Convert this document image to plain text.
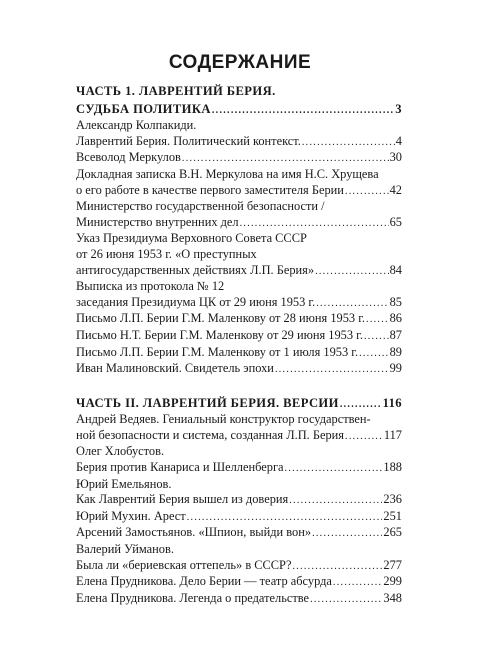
СОДЕРЖАНИЕ
ЧАСТЬ 1. ЛАВРЕНТИЙ БЕРИЯ.
СУДЬБА ПОЛИТИКА . . .	3
Александр Колпакиди.
Лаврентий Берия. Политический контекст. . . .	4
Всеволод Меркулов . . .	30
Докладная записка В.Н. Меркулова на имя Н.С. Хрущева
о его работе в качестве первого заместителя Берии . . .	42
Министерство государственной безопасности /
Министерство внутренних дел . . .	65
Указ Президиума Верховного Совета СССР
от 26 июня 1953 г. «О преступных
антигосударственных действиях Л.П. Берия» . . .	84
Выписка из протокола № 12
заседания Президиума ЦК от 29 июня 1953 г. . . .	85
Письмо Л.П. Берии Г.М. Маленкову от 28 июня 1953 г. . . . 86
Письмо Н.Т. Берии Г.М. Маленкову от 29 июня 1953 г. . . . 87
Письмо Л.П. Берии Г.М. Маленкову от 1 июля 1953 г. . . .	89
Иван Малиновский. Свидетель эпохи . . .	99
ЧАСТЬ II. ЛАВРЕНТИЙ БЕРИЯ. ВЕРСИИ . . .	116
Андрей Ведяев. Гениальный конструктор государствен-
ной безопасности и система, созданная Л.П. Берия . . .	117
Олег Хлобустов.
Берия против Канариса и Шелленберга . . .	188
Юрий Емельянов.
Как Лаврентий Берия вышел из доверия . . .	236
Юрий Мухин. Арест . . .	251
Арсений Замостьянов. «Шпион, выйди вон» . . .	265
Валерий Уйманов.
Была ли «бериевская оттепель» в СССР? . . .	277
Елена Прудникова. Дело Берии — театр абсурда . . .	299
Елена Прудникова. Легенда о предательстве . . .	348
